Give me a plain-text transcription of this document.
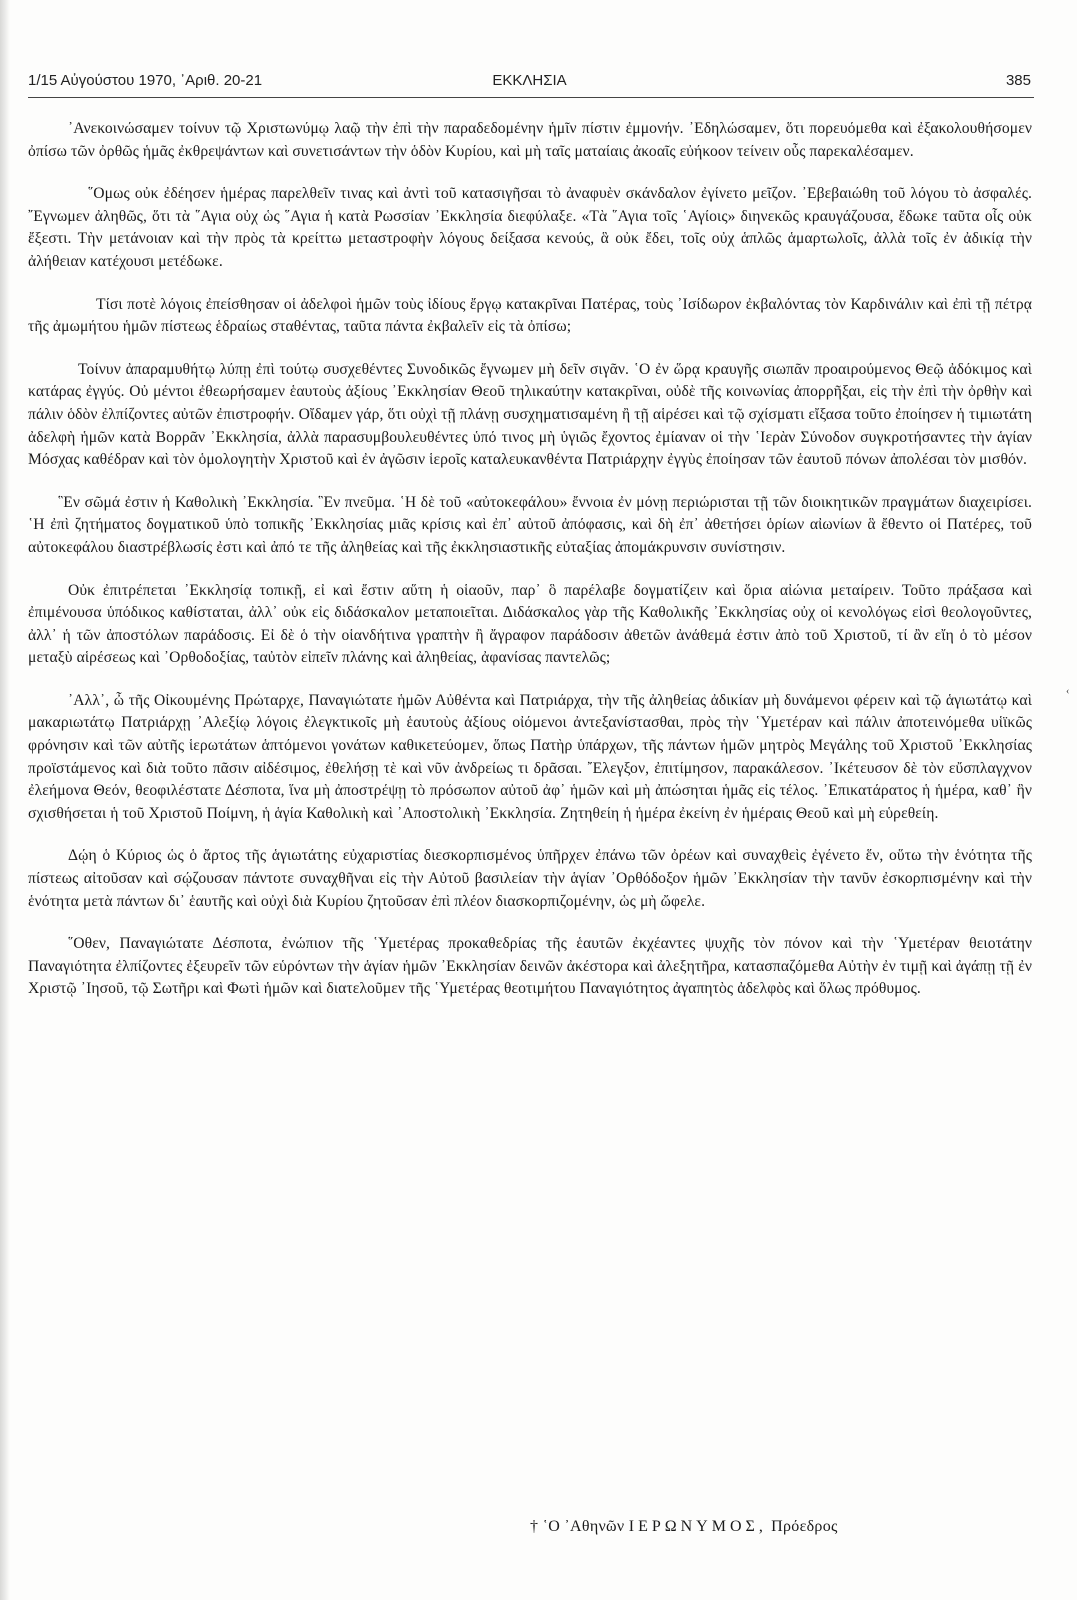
1/15 Αὐγούστου 1970, ᾿Αριθ. 20-21	ΕΚΚΛΗΣΙΑ	385

᾿Ανεκοινώσαμεν τοίνυν τῷ Χριστωνύμῳ λαῷ τὴν ἐπὶ τὴν παραδεδομένην ἡμῖν πίστιν ἐμμονήν. ᾿Εδηλώσαμεν, ὅτι πορευόμεθα καὶ ἐξακολουθήσομεν ὀπίσω τῶν ὀρθῶς ἡμᾶς ἐκθρεψάντων καὶ συνετισάντων τὴν ὁδὸν Κυρίου, καὶ μὴ ταῖς ματαίαις ἀκοαῖς εὐήκοον τείνειν οὖς παρεκαλέσαμεν.

῞Ομως οὐκ ἐδέησεν ἡμέρας παρελθεῖν τινας καὶ ἀντὶ τοῦ κατασιγῆσαι τὸ ἀναφυὲν σκάνδαλον ἐγίνετο μεῖζον. ᾿Εβεβαιώθη τοῦ λόγου τὸ ἀσφαλές. ῎Εγνωμεν ἀληθῶς, ὅτι τὰ ῞Αγια οὐχ ὡς ῞Αγια ἡ κατὰ Ρωσσίαν ᾿Εκκλησία διεφύλαξε. «Τὰ ῞Αγια τοῖς ῾Αγίοις» διηνεκῶς κραυγάζουσα, ἔδωκε ταῦτα οἷς οὐκ ἔξεστι. Τὴν μετάνοιαν καὶ τὴν πρὸς τὰ κρείττω μεταστροφὴν λόγους δείξασα κενούς, ἃ οὐκ ἔδει, τοῖς οὐχ ἁπλῶς ἁμαρτωλοῖς, ἀλλὰ τοῖς ἐν ἀδικίᾳ τὴν ἀλήθειαν κατέχουσι μετέδωκε.

Τίσι ποτὲ λόγοις ἐπείσθησαν οἱ ἀδελφοὶ ἡμῶν τοὺς ἰδίους ἔργῳ κατακρῖναι Πατέρας, τοὺς ᾿Ισίδωρον ἐκβαλόντας τὸν Καρδινάλιν καὶ ἐπὶ τῇ πέτρᾳ τῆς ἀμωμήτου ἡμῶν πίστεως ἑδραίως σταθέντας, ταῦτα πάντα ἐκβαλεῖν εἰς τὰ ὀπίσω;

Τοίνυν ἀπαραμυθήτῳ λύπῃ ἐπὶ τούτῳ συσχεθέντες Συνοδικῶς ἔγνωμεν μὴ δεῖν σιγᾶν. ῾Ο ἐν ὥρᾳ κραυγῆς σιωπᾶν προαιρούμενος Θεῷ ἀδόκιμος καὶ κατάρας ἐγγύς. Οὐ μέντοι ἐθεωρήσαμεν ἑαυτοὺς ἀξίους ᾿Εκκλησίαν Θεοῦ τηλικαύτην κατακρῖναι, οὐδὲ τῆς κοινωνίας ἀπορρῆξαι, εἰς τὴν ἐπὶ τὴν ὀρθὴν καὶ πάλιν ὁδὸν ἐλπίζοντες αὐτῶν ἐπιστροφήν. Οἴδαμεν γάρ, ὅτι οὐχὶ τῇ πλάνῃ συσχηματισαμένη ἢ τῇ αἱρέσει καὶ τῷ σχίσματι εἴξασα τοῦτο ἐποίησεν ἡ τιμιωτάτη ἀδελφὴ ἡμῶν κατὰ Βορρᾶν ᾿Εκκλησία, ἀλλὰ παρασυμβουλευθέντες ὑπό τινος μὴ ὑγιῶς ἔχοντος ἐμίαναν οἱ τὴν ῾Ιερὰν Σύνοδον συγκροτήσαντες τὴν ἁγίαν Μόσχας καθέδραν καὶ τὸν ὁμολογητὴν Χριστοῦ καὶ ἐν ἀγῶσιν ἱεροῖς καταλευκανθέντα Πατριάρχην ἐγγὺς ἐποίησαν τῶν ἑαυτοῦ πόνων ἀπολέσαι τὸν μισθόν.

῝Εν σῶμά ἐστιν ἡ Καθολικὴ ᾿Εκκλησία. ῝Εν πνεῦμα. ῾Η δὲ τοῦ «αὐτοκεφάλου» ἔννοια ἐν μόνῃ περιώρισται τῇ τῶν διοικητικῶν πραγμάτων διαχειρίσει. ῾Η ἐπὶ ζητήματος δογματικοῦ ὑπὸ τοπικῆς ᾿Εκκλησίας μιᾶς κρίσις καὶ ἐπ᾿ αὐτοῦ ἀπόφασις, καὶ δὴ ἐπ᾿ ἀθετήσει ὁρίων αἰωνίων ἃ ἔθεντο οἱ Πατέρες, τοῦ αὐτοκεφάλου διαστρέβλωσίς ἐστι καὶ ἀπό τε τῆς ἀληθείας καὶ τῆς ἐκκλησιαστικῆς εὐταξίας ἀπομάκρυνσιν συνίστησιν.

Οὐκ ἐπιτρέπεται ᾿Εκκλησίᾳ τοπικῇ, εἰ καὶ ἔστιν αὕτη ἡ οἱαοῦν, παρ᾿ ὃ παρέλαβε δογματίζειν καὶ ὅρια αἰώνια μεταίρειν. Τοῦτο πράξασα καὶ ἐπιμένουσα ὑπόδικος καθίσταται, ἀλλ᾿ οὐκ εἰς διδάσκαλον μεταποιεῖται. Διδάσκαλος γὰρ τῆς Καθολικῆς ᾿Εκκλησίας οὐχ οἱ κενολόγως εἰσὶ θεολογοῦντες, ἀλλ᾿ ἡ τῶν ἀποστόλων παράδοσις. Εἰ δὲ ὁ τὴν οἱανδήτινα γραπτὴν ἢ ἄγραφον παράδοσιν ἀθετῶν ἀνάθεμά ἐστιν ἀπὸ τοῦ Χριστοῦ, τί ἂν εἴη ὁ τὸ μέσον μεταξὺ αἱρέσεως καὶ ᾿Ορθοδοξίας, ταὐτὸν εἰπεῖν πλάνης καὶ ἀληθείας, ἀφανίσας παντελῶς;

᾿Αλλ᾿, ὦ τῆς Οἰκουμένης Πρώταρχε, Παναγιώτατε ἡμῶν Αὐθέντα καὶ Πατριάρχα, τὴν τῆς ἀληθείας ἀδικίαν μὴ δυνάμενοι φέρειν καὶ τῷ ἁγιωτάτῳ καὶ μακαριωτάτῳ Πατριάρχῃ ᾿Αλεξίῳ λόγοις ἐλεγκτικοῖς μὴ ἑαυτοὺς ἀξίους οἰόμενοι ἀντεξανίστασθαι, πρὸς τὴν ῾Υμετέραν καὶ πάλιν ἀποτεινόμεθα υἱϊκῶς φρόνησιν καὶ τῶν αὐτῆς ἱερωτάτων ἁπτόμενοι γονάτων καθικετεύομεν, ὅπως Πατὴρ ὑπάρχων, τῆς πάντων ἡμῶν μητρὸς Μεγάλης τοῦ Χριστοῦ ᾿Εκκλησίας προϊστάμενος καὶ διὰ τοῦτο πᾶσιν αἰδέσιμος, ἐθελήσῃ τὲ καὶ νῦν ἀνδρείως τι δρᾶσαι. ῎Ελεγξον, ἐπιτίμησον, παρακάλεσον. ᾿Ικέτευσον δὲ τὸν εὔσπλαγχνον ἐλεήμονα Θεόν, θεοφιλέστατε Δέσποτα, ἵνα μὴ ἀποστρέψῃ τὸ πρόσωπον αὐτοῦ ἀφ᾿ ἡμῶν καὶ μὴ ἀπώσηται ἡμᾶς εἰς τέλος. ᾿Επικατάρατος ἡ ἡμέρα, καθ᾿ ἣν σχισθήσεται ἡ τοῦ Χριστοῦ Ποίμνη, ἡ ἁγία Καθολικὴ καὶ ᾿Αποστολικὴ ᾿Εκκλησία. Ζητηθείη ἡ ἡμέρα ἐκείνη ἐν ἡμέραις Θεοῦ καὶ μὴ εὑρεθείη.

Δῴη ὁ Κύριος ὡς ὁ ἄρτος τῆς ἁγιωτάτης εὐχαριστίας διεσκορπισμένος ὑπῆρχεν ἐπάνω τῶν ὀρέων καὶ συναχθεὶς ἐγένετο ἕν, οὕτω τὴν ἑνότητα τῆς πίστεως αἰτοῦσαν καὶ σῴζουσαν πάντοτε συναχθῆναι εἰς τὴν Αὐτοῦ βασιλείαν τὴν ἁγίαν ᾿Ορθόδοξον ἡμῶν ᾿Εκκλησίαν τὴν τανῦν ἐσκορπισμένην καὶ τὴν ἑνότητα μετὰ πάντων δι᾿ ἑαυτῆς καὶ οὐχὶ διὰ Κυρίου ζητοῦσαν ἐπὶ πλέον διασκορπιζομένην, ὡς μὴ ὤφελε.

῞Οθεν, Παναγιώτατε Δέσποτα, ἐνώπιον τῆς ῾Υμετέρας προκαθεδρίας τῆς ἑαυτῶν ἐκχέαντες ψυχῆς τὸν πόνον καὶ τὴν ῾Υμετέραν θειοτάτην Παναγιότητα ἐλπίζοντες ἐξευρεῖν τῶν εὑρόντων τὴν ἁγίαν ἡμῶν ᾿Εκκλησίαν δεινῶν ἀκέστορα καὶ ἀλεξητῆρα, κατασπαζόμεθα Αὐτὴν ἐν τιμῇ καὶ ἀγάπῃ τῇ ἐν Χριστῷ ᾿Ιησοῦ, τῷ Σωτῆρι καὶ Φωτὶ ἡμῶν καὶ διατελοῦμεν τῆς ῾Υμετέρας θεοτιμήτου Παναγιότητος ἀγαπητὸς ἀδελφὸς καὶ ὅλως πρόθυμος.

† ῾Ο ᾿Αθηνῶν ΙΕΡΩΝΥΜΟΣ, Πρόεδρος
‹
